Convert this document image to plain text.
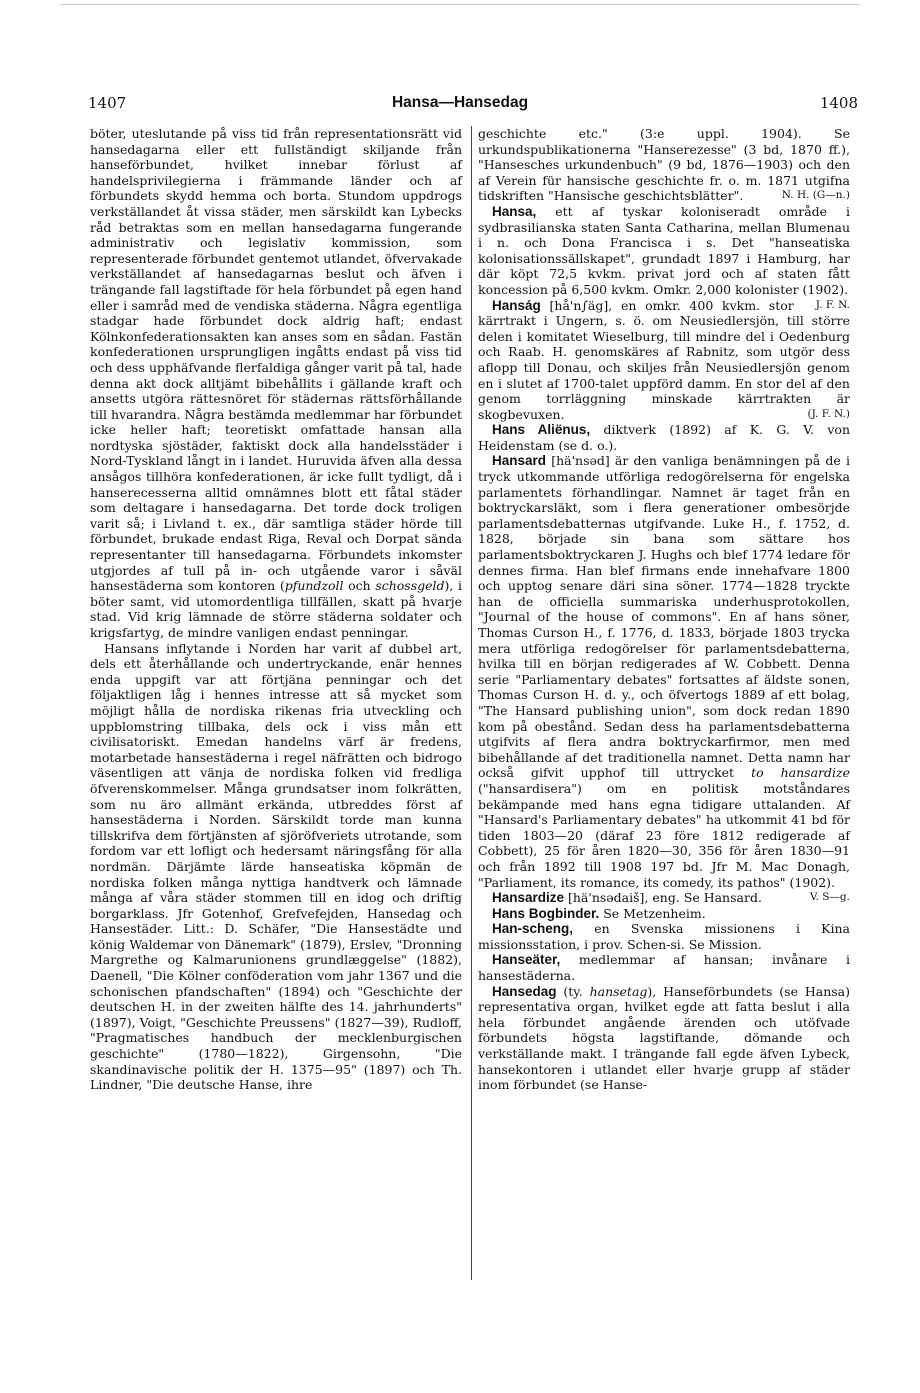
1407	Hansa—Hansedag	1408

böter, uteslutande på viss tid från representationsrätt vid hansedagarna eller ett fullständigt skiljande från hanseförbundet, hvilket innebar förlust af handelsprivilegierna i främmande länder och af förbundets skydd hemma och borta. Stundom uppdrogs verkställandet åt vissa städer, men särskildt kan Lybecks råd betraktas som en mellan hansedagarna fungerande administrativ och legislativ kommission, som representerade förbundet gentemot utlandet, öfvervakade verkställandet af hansedagarnas beslut och äfven i trängande fall lagstiftade för hela förbundet på egen hand eller i samråd med de vendiska städerna. Några egentliga stadgar hade förbundet dock aldrig haft; endast Kölnkonfederationsakten kan anses som en sådan. Fastän konfederationen ursprungligen ingåtts endast på viss tid och dess upphäfvande flerfaldiga gånger varit på tal, hade denna akt dock alltjämt bibehållits i gällande kraft och ansetts utgöra rättesnöret för städernas rättsförhållande till hvarandra. Några bestämda medlemmar har förbundet icke heller haft; teoretiskt omfattade hansan alla nordtyska sjöstäder, faktiskt dock alla handelsstäder i Nord-Tyskland långt in i landet. Huruvida äfven alla dessa ansågos tillhöra konfederationen, är icke fullt tydligt, då i hanserecesserna alltid omnämnes blott ett fåtal städer som deltagare i hansedagarna. Det torde dock troligen varit så; i Livland t. ex., där samtliga städer hörde till förbundet, brukade endast Riga, Reval och Dorpat sända representanter till hansedagarna. Förbundets inkomster utgjordes af tull på in- och utgående varor i såväl hansestäderna som kontoren (pfundzoll och schossgeld), i böter samt, vid utomordentliga tillfällen, skatt på hvarje stad. Vid krig lämnade de större städerna soldater och krigsfartyg, de mindre vanligen endast penningar.

Hansans inflytande i Norden har varit af dubbel art, dels ett återhållande och undertryckande, enär hennes enda uppgift var att förtjäna penningar och det följaktligen låg i hennes intresse att så mycket som möjligt hålla de nordiska rikenas fria utveckling och uppblomstring tillbaka, dels ock i viss mån ett civilisatoriskt. Emedan handelns värf är fredens, motarbetade hansestäderna i regel näfrätten och bidrogo väsentligen att vänja de nordiska folken vid fredliga öfverenskommelser. Många grundsatser inom folkrätten, som nu äro allmänt erkända, utbreddes först af hansestäderna i Norden. Särskildt torde man kunna tillskrifva dem förtjänsten af sjöröfveriets utrotande, som fordom var ett lofligt och hedersamt näringsfång för alla nordmän. Därjämte lärde hanseatiska köpmän de nordiska folken många nyttiga handtverk och lämnade många af våra städer stommen till en idog och driftig borgarklass. Jfr Gotenhof, Grefvefejden, Hansedag och Hansestäder. Litt.: D. Schäfer, "Die Hansestädte und könig Waldemar von Dänemark" (1879), Erslev, "Dronning Margrethe og Kalmarunionens grundlæggelse" (1882), Daenell, "Die Kölner conföderation vom jahr 1367 und die schonischen pfandschaften" (1894) och "Geschichte der deutschen H. in der zweiten hälfte des 14. jahrhunderts" (1897), Voigt, "Geschichte Preussens" (1827—39), Rudloff, "Pragmatisches handbuch der mecklenburgischen geschichte" (1780—1822), Girgensohn, "Die skandinavische politik der H. 1375—95" (1897) och Th. Lindner, "Die deutsche Hanse, ihre

geschichte etc." (3:e uppl. 1904). Se urkundspublikationerna "Hanserezesse" (3 bd, 1870 ff.), "Hansesches urkundenbuch" (9 bd, 1876—1903) och den af Verein für hansische geschichte fr. o. m. 1871 utgifna tidskriften "Hansische geschichtsblätter".	N. H. (G—n.)

Hansa, ett af tyskar koloniseradt område i sydbrasilianska staten Santa Catharina, mellan Blumenau i n. och Dona Francisca i s. Det "hanseatiska kolonisationssällskapet", grundadt 1897 i Hamburg, har där köpt 72,5 kvkm. privat jord och af staten fått koncession på 6,500 kvkm. Omkr. 2,000 kolonister (1902).
J. F. N.

Hanság [hå'n∫äg], en omkr. 400 kvkm. stor kärrtrakt i Ungern, s. ö. om Neusiedlersjön, till större delen i komitatet Wieselburg, till mindre del i Oedenburg och Raab. H. genomskäres af Rabnitz, som utgör dess aflopp till Donau, och skiljes från Neusiedlersjön genom en i slutet af 1700-talet uppförd damm. En stor del af den genom torrläggning minskade kärrtrakten är skogbevuxen.	(J. F. N.)

Hans Aliënus, diktverk (1892) af K. G. V. von Heidenstam (se d. o.).

Hansard [hä'nsəd] är den vanliga benämningen på de i tryck utkommande utförliga redogörelserna för engelska parlamentets förhandlingar. Namnet är taget från en boktryckarsläkt, som i flera generationer ombesörjde parlamentsdebatternas utgifvande. Luke H., f. 1752, d. 1828, började sin bana som sättare hos parlamentsboktryckaren J. Hughs och blef 1774 ledare för dennes firma. Han blef firmans ende innehafvare 1800 och upptog senare däri sina söner. 1774—1828 tryckte han de officiella summariska underhusprotokollen, "Journal of the house of commons". En af hans söner, Thomas Curson H., f. 1776, d. 1833, började 1803 trycka mera utförliga redogörelser för parlamentsdebatterna, hvilka till en början redigerades af W. Cobbett. Denna serie "Parliamentary debates" fortsattes af äldste sonen, Thomas Curson H. d. y., och öfvertogs 1889 af ett bolag, "The Hansard publishing union", som dock redan 1890 kom på obestånd. Sedan dess ha parlamentsdebatterna utgifvits af flera andra boktryckarfirmor, men med bibehållande af det traditionella namnet. Detta namn har också gifvit upphof till uttrycket to hansardize ("hansardisera") om en politisk motståndares bekämpande med hans egna tidigare uttalanden. Af "Hansard's Parliamentary debates" ha utkommit 41 bd för tiden 1803—20 (däraf 23 före 1812 redigerade af Cobbett), 25 för åren 1820—30, 356 för åren 1830—91 och från 1892 till 1908 197 bd. Jfr M. Mac Donagh, "Parliament, its romance, its comedy, its pathos" (1902).
V. S—g.

Hansardize [hä'nsədaiš], eng. Se Hansard.

Hans Bogbinder. Se Metzenheim.

Han-scheng, en Svenska missionens i Kina missionsstation, i prov. Schen-si. Se Mission.

Hanseäter, medlemmar af hansan; invånare i hansestäderna.

Hansedag (ty. hansetag), Hanseförbundets (se Hansa) representativa organ, hvilket egde att fatta beslut i alla hela förbundet angående ärenden och utöfvade förbundets högsta lagstiftande, dömande och verkställande makt. I trängande fall egde äfven Lybeck, hansekontoren i utlandet eller hvarje grupp af städer inom förbundet (se Hanse-
